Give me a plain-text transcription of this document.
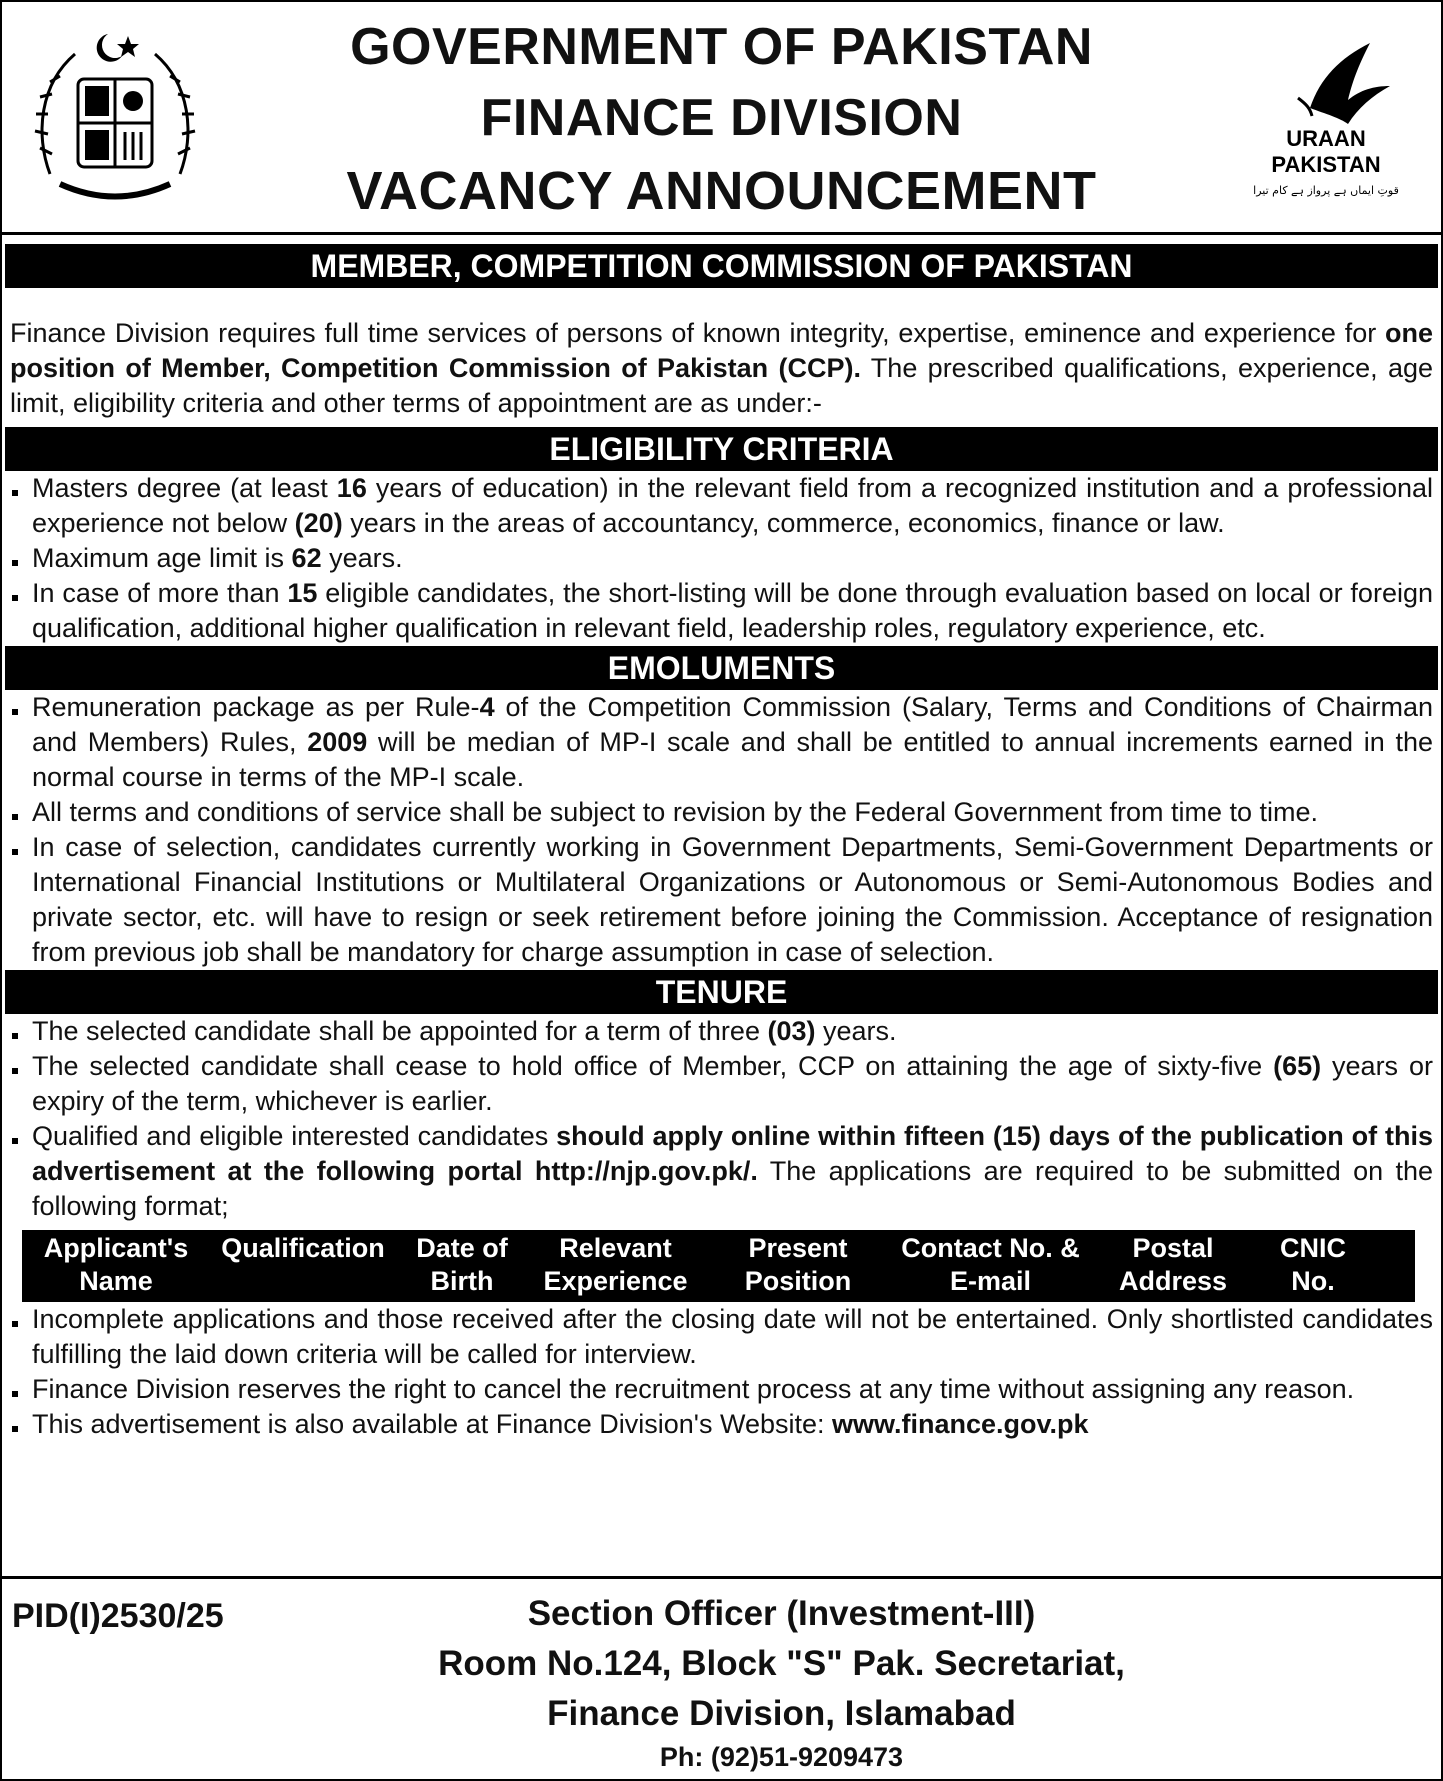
GOVERNMENT OF PAKISTAN
FINANCE DIVISION
VACANCY ANNOUNCEMENT
URAAN
PAKISTAN
قوتِ ایماں ہے پرواز ہے کام تیرا
MEMBER, COMPETITION COMMISSION OF PAKISTAN
Finance Division requires full time services of persons of known integrity, expertise, eminence and experience for one position of Member, Competition Commission of Pakistan (CCP). The prescribed qualifications, experience, age limit, eligibility criteria and other terms of appointment are as under:-
ELIGIBILITY CRITERIA
Masters degree (at least 16 years of education) in the relevant field from a recognized institution and a professional experience not below (20) years in the areas of accountancy, commerce, economics, finance or law.
Maximum age limit is 62 years.
In case of more than 15 eligible candidates, the short-listing will be done through evaluation based on local or foreign qualification, additional higher qualification in relevant field, leadership roles, regulatory experience, etc.
EMOLUMENTS
Remuneration package as per Rule-4 of the Competition Commission (Salary, Terms and Conditions of Chairman and Members) Rules, 2009 will be median of MP-I scale and shall be entitled to annual increments earned in the normal course in terms of the MP-I scale.
All terms and conditions of service shall be subject to revision by the Federal Government from time to time.
In case of selection, candidates currently working in Government Departments, Semi-Government Departments or International Financial Institutions or Multilateral Organizations or Autonomous or Semi-Autonomous Bodies and private sector, etc. will have to resign or seek retirement before joining the Commission. Acceptance of resignation from previous job shall be mandatory for charge assumption in case of selection.
TENURE
The selected candidate shall be appointed for a term of three (03) years.
The selected candidate shall cease to hold office of Member, CCP on attaining the age of sixty-five (65) years or expiry of the term, whichever is earlier.
Qualified and eligible interested candidates should apply online within fifteen (15) days of the publication of this advertisement at the following portal http://njp.gov.pk/. The applications are required to be submitted on the following format;
Applicant's Name
Qualification	Date of Birth
Relevant Experience
Present Position
Contact No. & E-mail
Postal Address
CNIC No.
Incomplete applications and those received after the closing date will not be entertained. Only shortlisted candidates fulfilling the laid down criteria will be called for interview.
Finance Division reserves the right to cancel the recruitment process at any time without assigning any reason.
This advertisement is also available at Finance Division's Website: www.finance.gov.pk
PID(I)2530/25	Section Officer (Investment-III)
Room No.124, Block "S" Pak. Secretariat,
Finance Division, Islamabad
Ph: (92)51-9209473
